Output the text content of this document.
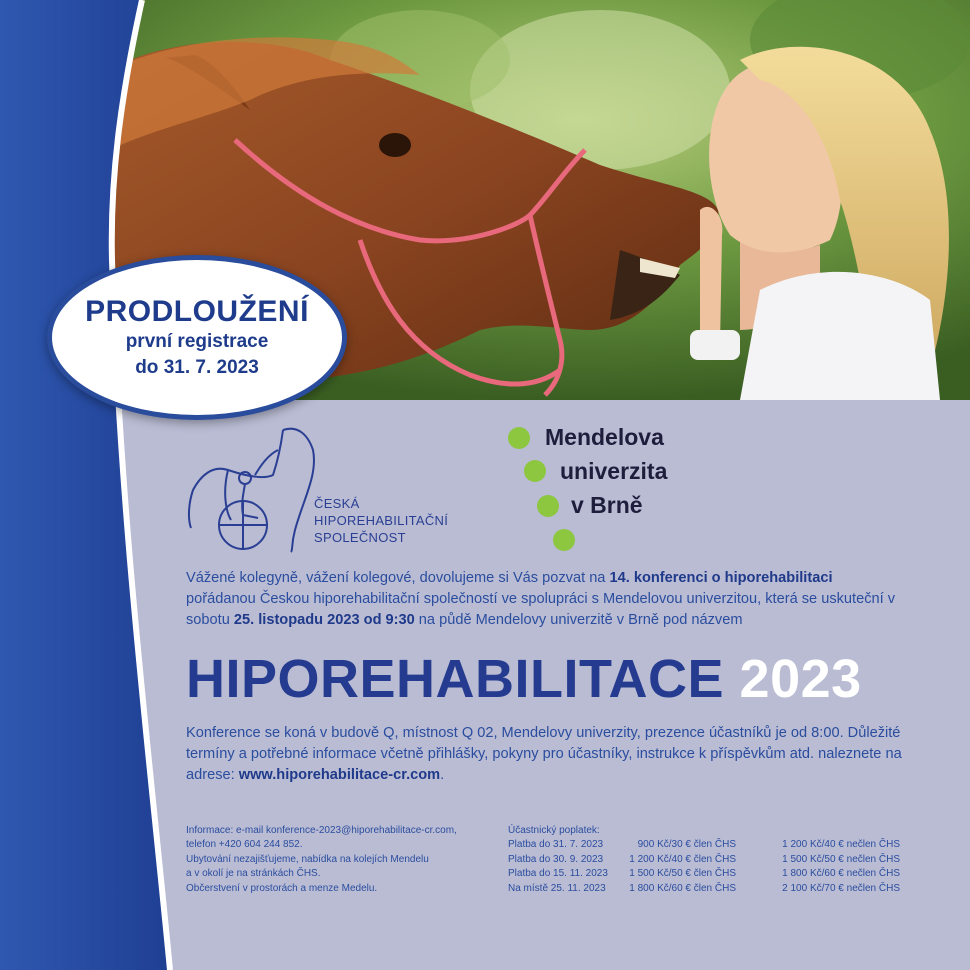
PRODLOUŽENÍ
první registrace
do 31. 7. 2023
ČESKÁ
HIPOREHABILITAČNÍ
SPOLEČNOST
Mendelova
univerzita
v Brně
Vážené kolegyně, vážení kolegové, dovolujeme si Vás pozvat na 14. konferenci o hiporehabilitaci pořádanou Českou hiporehabilitační společností ve spolupráci s Mendelovou univerzitou, která se uskuteční v sobotu 25. listopadu 2023 od 9:30 na půdě Mendelovy univerzitě v Brně pod názvem
HIPOREHABILITACE 2023
Konference se koná v budově Q, místnost Q 02, Mendelovy univerzity, prezence účastníků je od 8:00. Důležité termíny a potřebné informace včetně přihlášky, pokyny pro účastníky, instrukce k příspěvkům atd. naleznete na adrese: www.hiporehabilitace-cr.com.
Informace: e-mail konference-2023@hiporehabilitace-cr.com,
telefon +420 604 244 852.
Ubytování nezajišťujeme, nabídka na kolejích Mendelu
a v okolí je na stránkách ČHS.
Občerstvení v prostorách a menze Medelu.
Účastnický poplatek:
Platba do 31. 7. 2023	900 Kč/30 € člen ČHS	1 200 Kč/40 € nečlen ČHS
Platba do 30. 9. 2023	1 200 Kč/40 € člen ČHS	1 500 Kč/50 € nečlen ČHS
Platba do 15. 11. 2023	1 500 Kč/50 € člen ČHS	1 800 Kč/60 € nečlen ČHS
Na místě 25. 11. 2023	1 800 Kč/60 € člen ČHS	2 100 Kč/70 € nečlen ČHS
